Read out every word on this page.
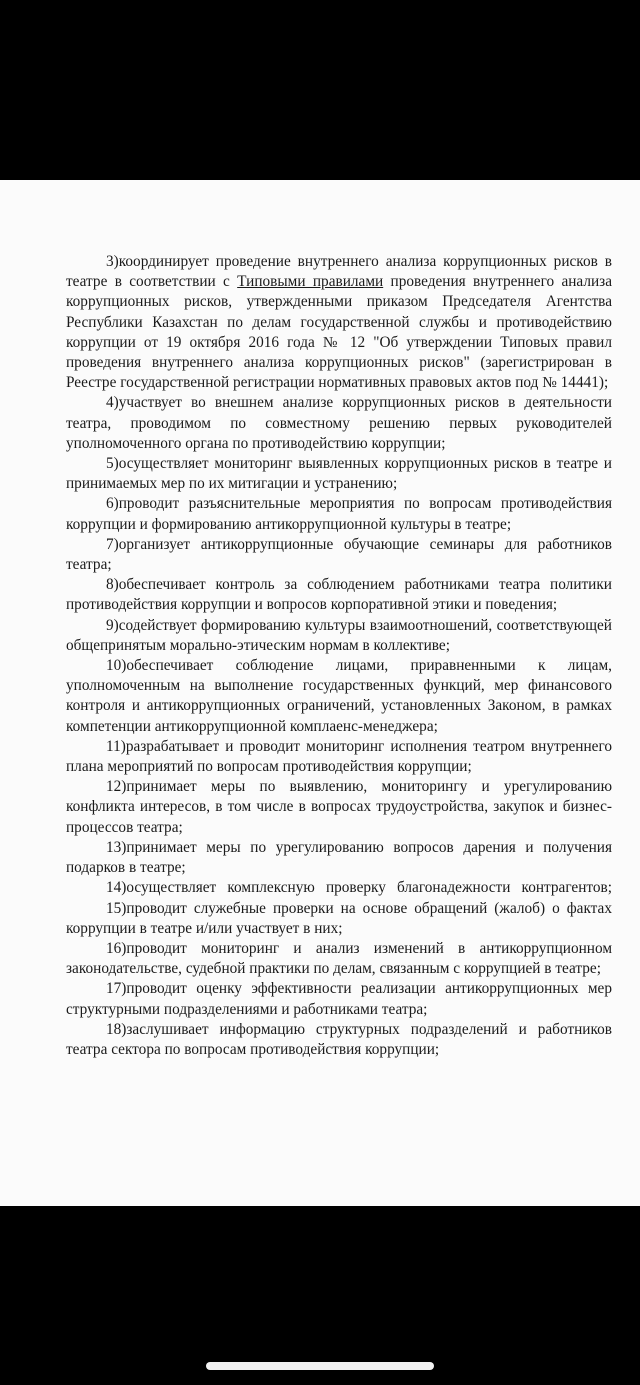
3)координирует проведение внутреннего анализа коррупционных рисков в театре в соответствии с Типовыми правилами проведения внутреннего анализа коррупционных рисков, утвержденными приказом Председателя Агентства Республики Казахстан по делам государственной службы и противодействию коррупции от 19 октября 2016 года № 12 "Об утверждении Типовых правил проведения внутреннего анализа коррупционных рисков" (зарегистрирован в Реестре государственной регистрации нормативных правовых актов под № 14441);

4)участвует во внешнем анализе коррупционных рисков в деятельности театра, проводимом по совместному решению первых руководителей уполномоченного органа по противодействию коррупции;

5)осуществляет мониторинг выявленных коррупционных рисков в театре и принимаемых мер по их митигации и устранению;

6)проводит разъяснительные мероприятия по вопросам противодействия коррупции и формированию антикоррупционной культуры в театре;

7)организует антикоррупционные обучающие семинары для работников театра;

8)обеспечивает контроль за соблюдением работниками театра политики противодействия коррупции и вопросов корпоративной этики и поведения;

9)содействует формированию культуры взаимоотношений, соответствующей общепринятым морально-этическим нормам в коллективе;

10)обеспечивает соблюдение лицами, приравненными к лицам, уполномоченным на выполнение государственных функций, мер финансового контроля и антикоррупционных ограничений, установленных Законом, в рамках компетенции антикоррупционной комплаенс-менеджера;

11)разрабатывает и проводит мониторинг исполнения театром внутреннего плана мероприятий по вопросам противодействия коррупции;

12)принимает меры по выявлению, мониторингу и урегулированию конфликта интересов, в том числе в вопросах трудоустройства, закупок и бизнес-процессов театра;

13)принимает меры по урегулированию вопросов дарения и получения подарков в театре;

14)осуществляет комплексную проверку благонадежности контрагентов;

15)проводит служебные проверки на основе обращений (жалоб) о фактах коррупции в театре и/или участвует в них;

16)проводит мониторинг и анализ изменений в антикоррупционном законодательстве, судебной практики по делам, связанным с коррупцией в театре;

17)проводит оценку эффективности реализации антикоррупционных мер структурными подразделениями и работниками театра;

18)заслушивает информацию структурных подразделений и работников театра сектора по вопросам противодействия коррупции;
